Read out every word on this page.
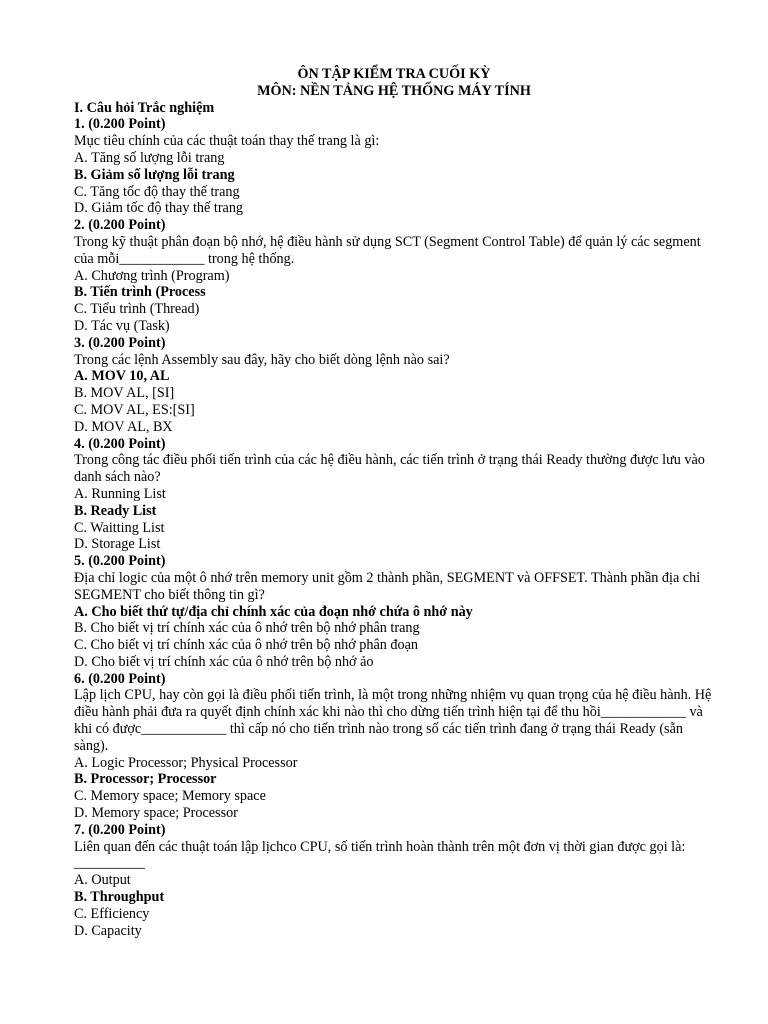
ÔN TẬP KIỂM TRA CUỐI KỲ
MÔN: NỀN TẢNG HỆ THỐNG MÁY TÍNH
I. Câu hỏi Trắc nghiệm
1. (0.200 Point)
Mục tiêu chính của các thuật toán thay thế trang là gì:
A. Tăng số lượng lỗi trang
B. Giảm số lượng lỗi trang
C. Tăng tốc độ thay thế trang
D. Giảm tốc độ thay thế trang
2. (0.200 Point)
Trong kỹ thuật phân đoạn bộ nhớ, hệ điều hành sử dụng SCT (Segment Control Table) để quản lý các segment của mỗi____________ trong hệ thống.
A. Chương trình (Program)
B. Tiến trình (Process
C. Tiểu trình (Thread)
D. Tác vụ (Task)
3. (0.200 Point)
Trong các lệnh Assembly sau đây, hãy cho biết dòng lệnh nào sai?
A. MOV 10, AL
B. MOV AL, [SI]
C. MOV AL, ES:[SI]
D. MOV AL, BX
4. (0.200 Point)
Trong công tác điều phối tiến trình của các hệ điều hành, các tiến trình ở trạng thái Ready thường được lưu vào danh sách nào?
A. Running List
B. Ready List
C. Waitting List
D. Storage List
5. (0.200 Point)
Địa chỉ logic của một ô nhớ trên memory unit gồm 2 thành phần, SEGMENT và OFFSET. Thành phần địa chỉ SEGMENT cho biết thông tin gì?
A. Cho biết thứ tự/địa chỉ chính xác của đoạn nhớ chứa ô nhớ này
B. Cho biết vị trí chính xác của ô nhớ trên bộ nhớ phân trang
C. Cho biết vị trí chính xác của ô nhớ trên bộ nhớ phân đoạn
D. Cho biết vị trí chính xác của ô nhớ trên bộ nhớ ảo
6. (0.200 Point)
Lập lịch CPU, hay còn gọi là điều phối tiến trình, là một trong những nhiệm vụ quan trọng của hệ điều hành. Hệ điều hành phải đưa ra quyết định chính xác khi nào thì cho dừng tiến trình hiện tại để thu hồi____________ và khi có được____________ thì cấp nó cho tiến trình nào trong số các tiến trình đang ở trạng thái Ready (sẵn sàng).
A. Logic Processor; Physical Processor
B. Processor; Processor
C. Memory space; Memory space
D. Memory space; Processor
7. (0.200 Point)
Liên quan đến các thuật toán lập lịchco CPU, số tiến trình hoàn thành trên một đơn vị thời gian được gọi là: __________
A. Output
B. Throughput
C. Efficiency
D. Capacity
